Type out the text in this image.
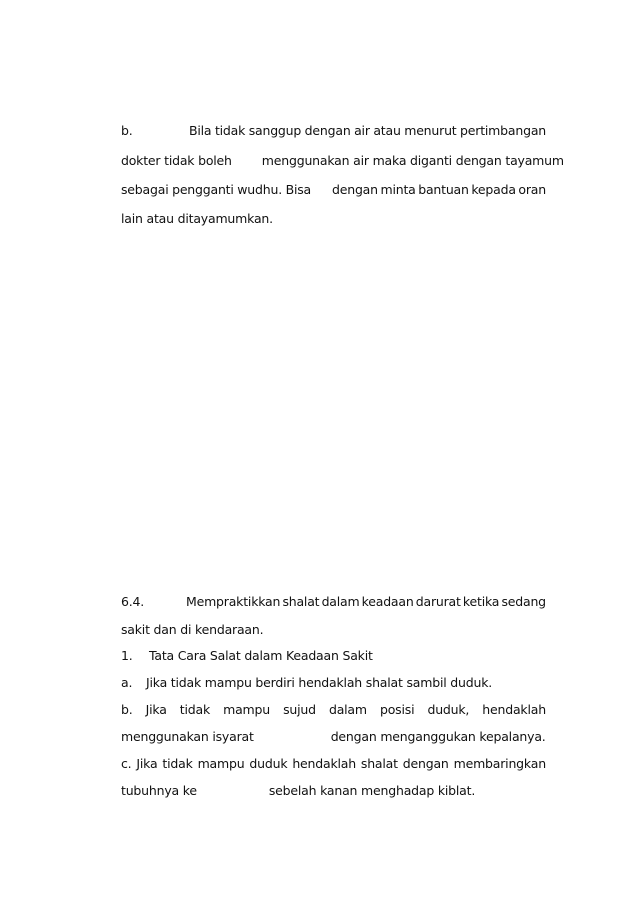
b.	Bila tidak sanggup dengan air atau menurut pertimbangan
dokter tidak boleh menggunakan air maka diganti dengan tayamum
sebagai pengganti wudhu. Bisa dengan minta bantuan kepada oran
lain atau ditayamumkan.
6.4.	Mempraktikkan shalat dalam keadaan darurat ketika sedang
sakit dan di kendaraan.
1. Tata Cara Salat dalam Keadaan Sakit
a. Jika tidak mampu berdiri hendaklah shalat sambil duduk.
b. Jika tidak mampu sujud dalam posisi duduk, hendaklah
menggunakan isyarat	dengan menganggukan kepalanya.
c. Jika tidak mampu duduk hendaklah shalat dengan membaringkan
tubuhnya ke	sebelah kanan menghadap kiblat.
